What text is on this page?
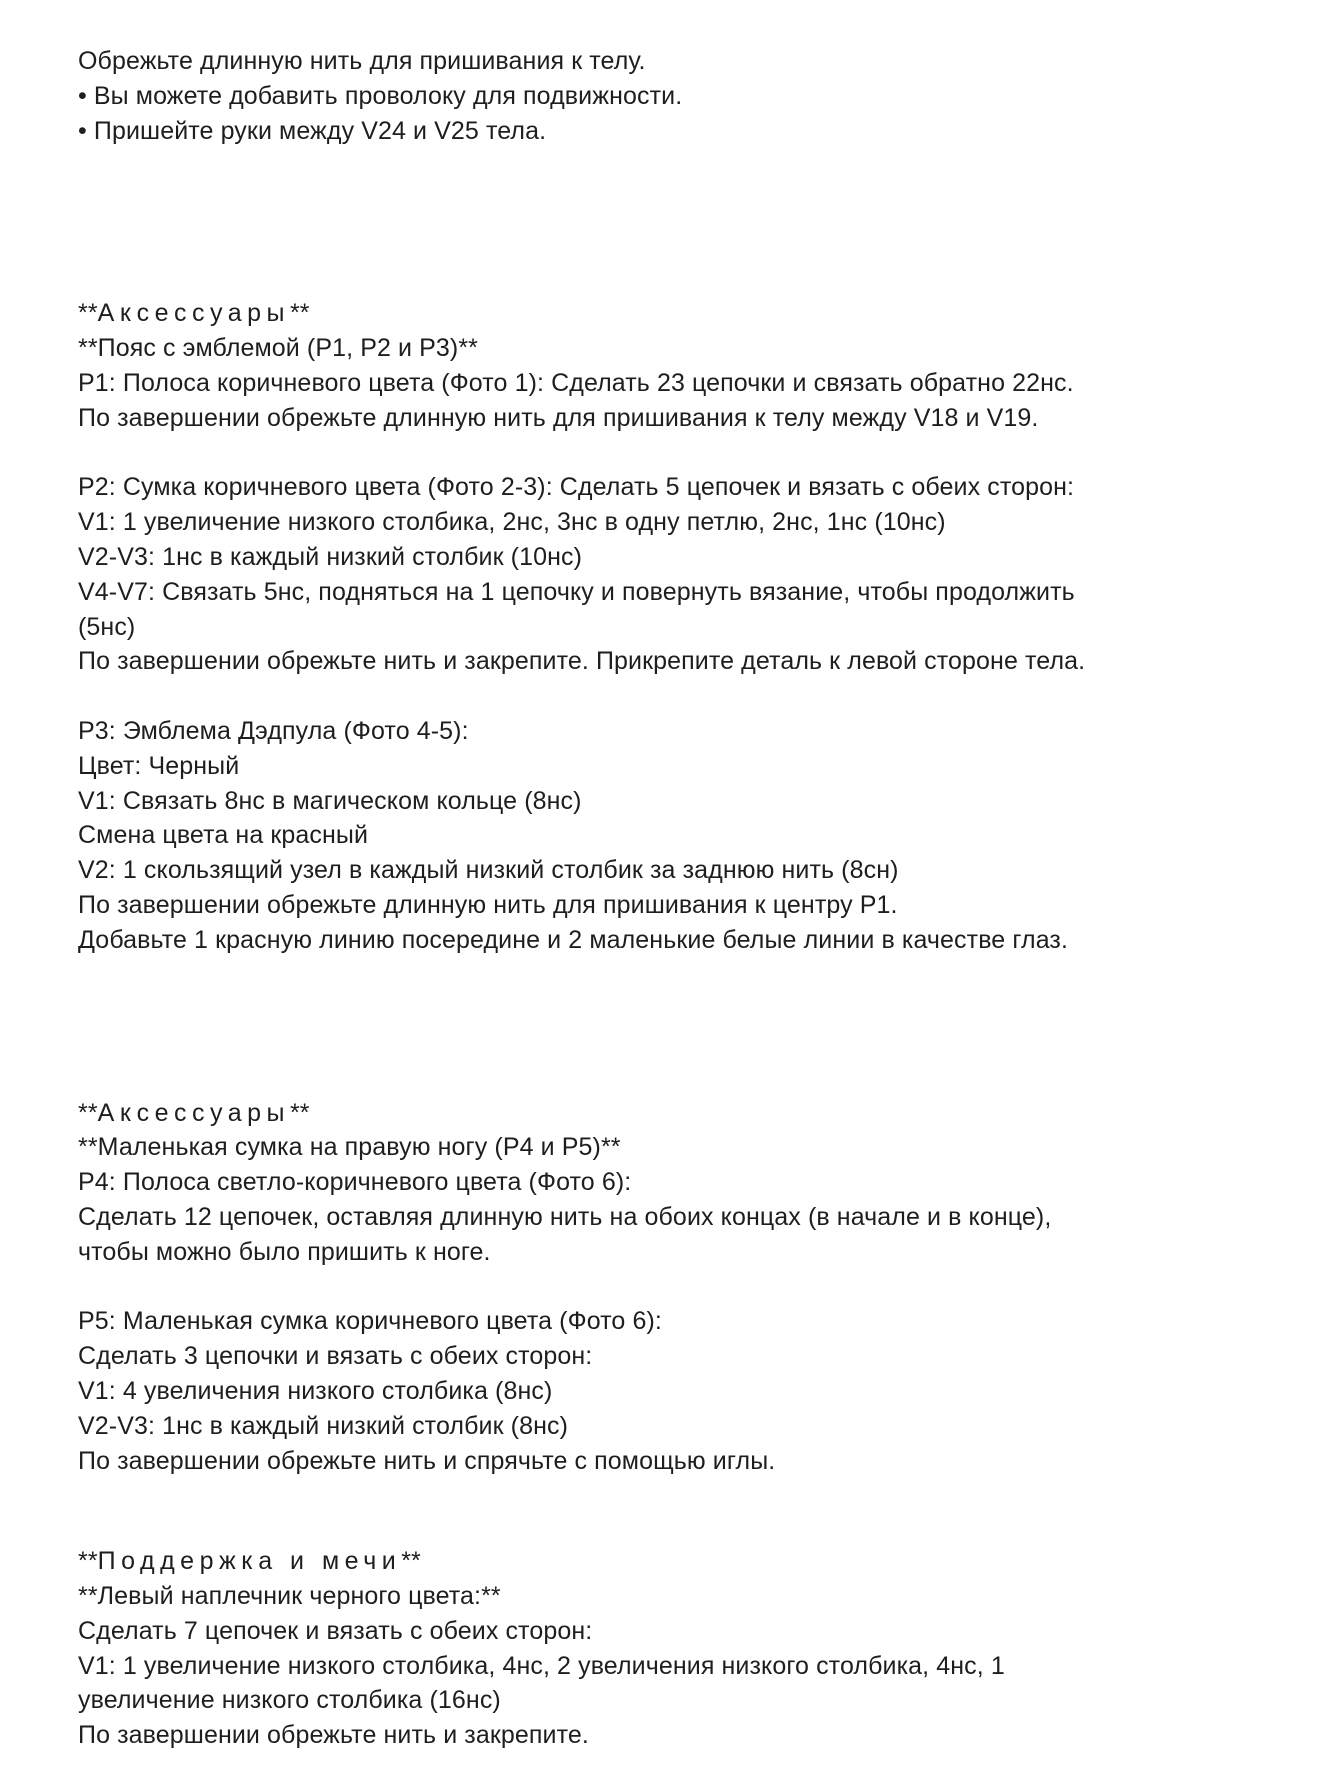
Обрежьте длинную нить для пришивания к телу.
• Вы можете добавить проволоку для подвижности.
• Пришейте руки между V24 и V25 тела.
**Аксессуары**
**Пояс с эмблемой (P1, P2 и P3)**
P1: Полоса коричневого цвета (Фото 1): Сделать 23 цепочки и связать обратно 22нс.
По завершении обрежьте длинную нить для пришивания к телу между V18 и V19.
P2: Сумка коричневого цвета (Фото 2-3): Сделать 5 цепочек и вязать с обеих сторон:
V1: 1 увеличение низкого столбика, 2нс, 3нс в одну петлю, 2нс, 1нс (10нс)
V2-V3: 1нс в каждый низкий столбик (10нс)
V4-V7: Связать 5нс, подняться на 1 цепочку и повернуть вязание, чтобы продолжить
(5нс)
По завершении обрежьте нить и закрепите. Прикрепите деталь к левой стороне тела.
P3: Эмблема Дэдпула (Фото 4-5):
Цвет: Черный
V1: Связать 8нс в магическом кольце (8нс)
Смена цвета на красный
V2: 1 скользящий узел в каждый низкий столбик за заднюю нить (8сн)
По завершении обрежьте длинную нить для пришивания к центру P1.
Добавьте 1 красную линию посередине и 2 маленькие белые линии в качестве глаз.
**Аксессуары**
**Маленькая сумка на правую ногу (P4 и P5)**
P4: Полоса светло-коричневого цвета (Фото 6):
Сделать 12 цепочек, оставляя длинную нить на обоих концах (в начале и в конце),
чтобы можно было пришить к ноге.
P5: Маленькая сумка коричневого цвета (Фото 6):
Сделать 3 цепочки и вязать с обеих сторон:
V1: 4 увеличения низкого столбика (8нс)
V2-V3: 1нс в каждый низкий столбик (8нс)
По завершении обрежьте нить и спрячьте с помощью иглы.
**Поддержка и мечи**
**Левый наплечник черного цвета:**
Сделать 7 цепочек и вязать с обеих сторон:
V1: 1 увеличение низкого столбика, 4нс, 2 увеличения низкого столбика, 4нс, 1
увеличение низкого столбика (16нс)
По завершении обрежьте нить и закрепите.
